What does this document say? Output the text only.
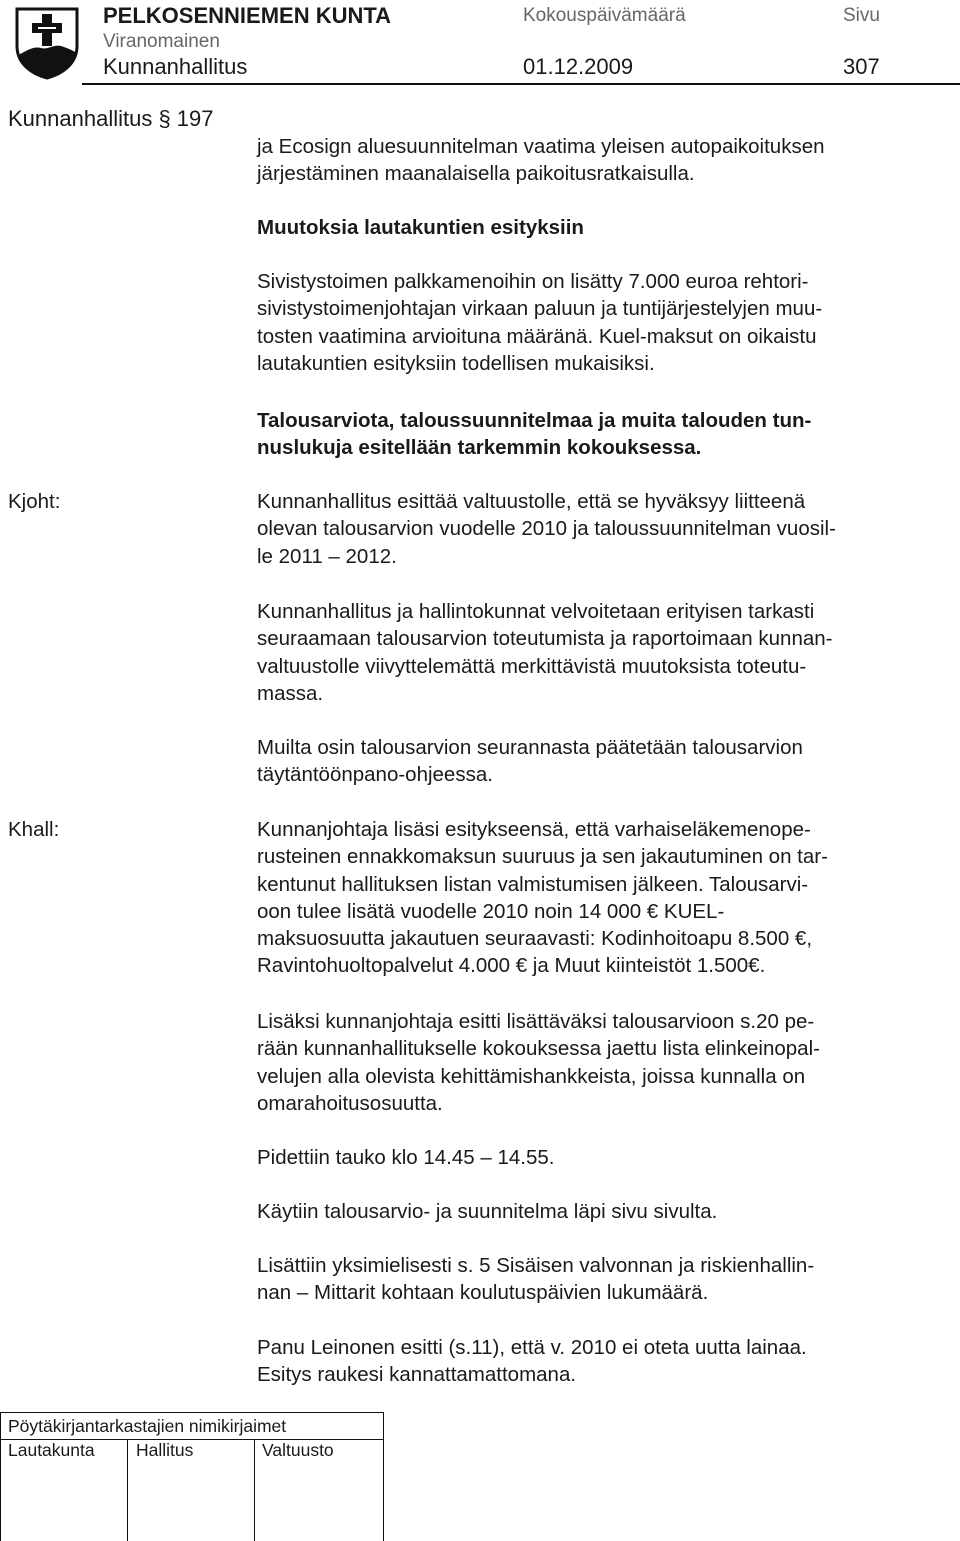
PELKOSENNIEMEN KUNTA
Viranomainen
Kunnanhallitus
Kokouspäivämäärä
01.12.2009
Sivu
307
Kunnanhallitus § 197
ja Ecosign aluesuunnitelman vaatima yleisen autopaikoituksen
järjestäminen maanalaisella paikoitusratkaisulla.
Muutoksia lautakuntien esityksiin
Sivistystoimen palkkamenoihin on lisätty 7.000 euroa rehtori-
sivistystoimenjohtajan virkaan paluun ja tuntijärjestelyjen muu-
tosten vaatimina arvioituna määränä. Kuel-maksut on oikaistu
lautakuntien esityksiin todellisen mukaisiksi.
Talousarviota, taloussuunnitelmaa ja muita talouden tun-
nuslukuja esitellään tarkemmin kokouksessa.
Kjoht:	Kunnanhallitus esittää valtuustolle, että se hyväksyy liitteenä
olevan talousarvion vuodelle 2010 ja taloussuunnitelman vuosil-
le 2011 – 2012.
Kunnanhallitus ja hallintokunnat velvoitetaan erityisen tarkasti
seuraamaan talousarvion toteutumista ja raportoimaan kunnan-
valtuustolle viivyttelemättä merkittävistä muutoksista toteutu-
massa.
Muilta osin talousarvion seurannasta päätetään talousarvion
täytäntöönpano-ohjeessa.
Khall:	Kunnanjohtaja lisäsi esitykseensä, että varhaiseläkemenope-
rusteinen ennakkomaksun suuruus ja sen jakautuminen on tar-
kentunut hallituksen listan valmistumisen jälkeen. Talousarvi-
oon tulee lisätä vuodelle 2010 noin 14 000 € KUEL-
maksuosuutta jakautuen seuraavasti: Kodinhoitoapu 8.500 €,
Ravintohuoltopalvelut 4.000 € ja Muut kiinteistöt 1.500€.
Lisäksi kunnanjohtaja esitti lisättäväksi talousarvioon s.20 pe-
rään kunnanhallitukselle kokouksessa jaettu lista elinkeinopal-
velujen alla olevista kehittämishankkeista, joissa kunnalla on
omarahoitusosuutta.
Pidettiin tauko klo 14.45 – 14.55.
Käytiin talousarvio- ja suunnitelma läpi sivu sivulta.
Lisättiin yksimielisesti s. 5 Sisäisen valvonnan ja riskienhallin-
nan – Mittarit kohtaan koulutuspäivien lukumäärä.
Panu Leinonen esitti (s.11), että v. 2010 ei oteta uutta lainaa.
Esitys raukesi kannattamattomana.
Pöytäkirjantarkastajien nimikirjaimet
Lautakunta Hallitus	Valtuusto
